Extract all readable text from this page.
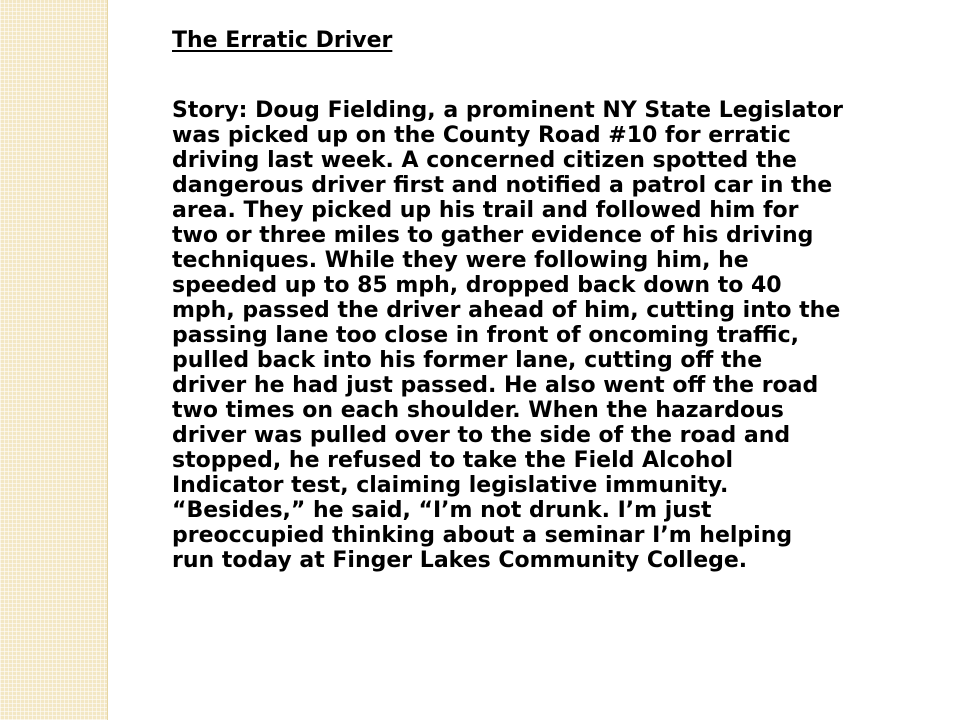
The Erratic Driver
Story: Doug Fielding, a prominent NY State Legislator
was picked up on the County Road #10 for erratic
driving last week. A concerned citizen spotted the
dangerous driver first and notified a patrol car in the
area. They picked up his trail and followed him for
two or three miles to gather evidence of his driving
techniques. While they were following him, he
speeded up to 85 mph, dropped back down to 40
mph, passed the driver ahead of him, cutting into the
passing lane too close in front of oncoming traffic,
pulled back into his former lane, cutting off the
driver he had just passed. He also went off the road
two times on each shoulder. When the hazardous
driver was pulled over to the side of the road and
stopped, he refused to take the Field Alcohol
Indicator test, claiming legislative immunity.
“Besides,” he said, “I’m not drunk. I’m just
preoccupied thinking about a seminar I’m helping
run today at Finger Lakes Community College.
